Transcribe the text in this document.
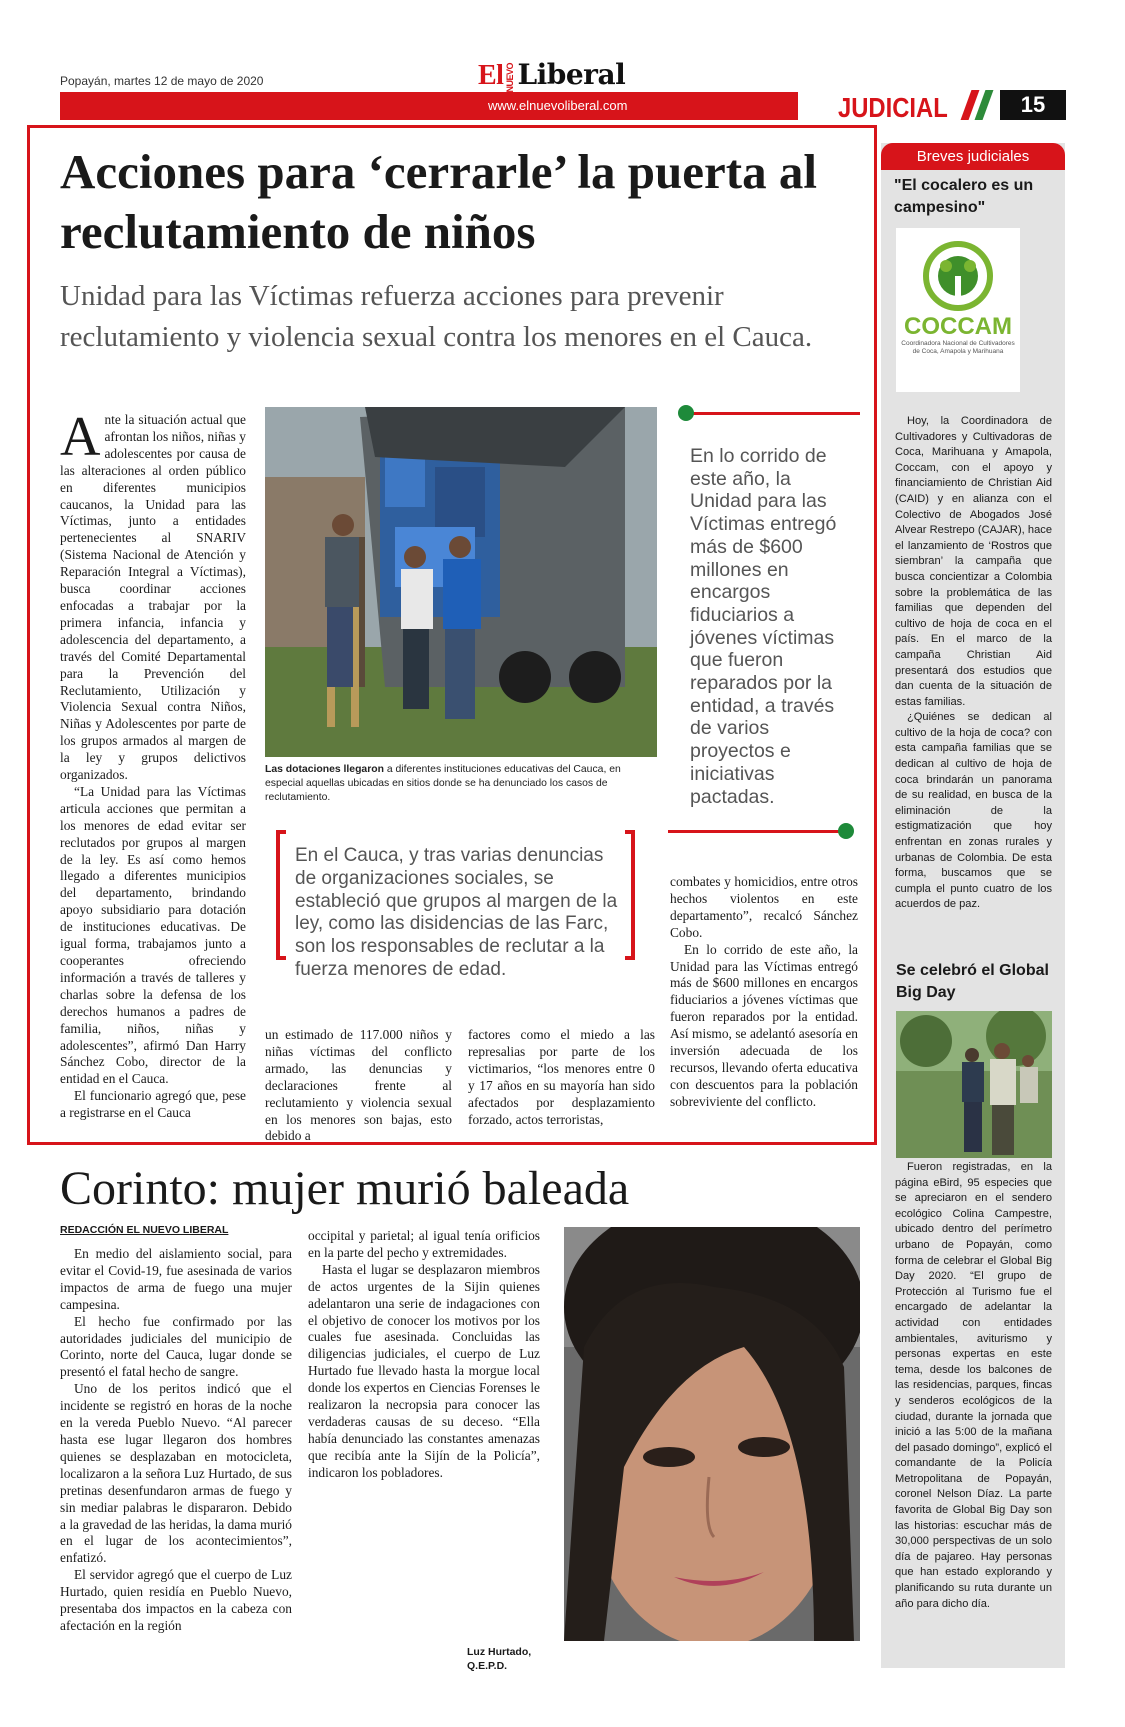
Popayán, martes 12 de mayo de 2020	El NUEVOLiberal
www.elnuevoliberal.com	JUDICIAL	15
Acciones para ‘cerrarle’ la puerta al reclutamiento de niños
Unidad para las Víctimas refuerza acciones para prevenir reclutamiento y violencia sexual contra los menores en el Cauca.

Ante la situación actual que afrontan los niños, niñas y adolescentes por causa de las alteraciones al orden público en diferentes municipios caucanos, la Unidad para las Víctimas, junto a entidades pertenecientes al SNARIV (Sistema Nacional de Atención y Reparación Integral a Víctimas), busca coordinar acciones enfocadas a trabajar por la primera infancia, infancia y adolescencia del departamento, a través del Comité Departamental para la Prevención del Reclutamiento, Utilización y Violencia Sexual contra Niños, Niñas y Adolescentes por parte de los grupos armados al margen de la ley y grupos delictivos organizados.

“La Unidad para las Víctimas articula acciones que permitan a los menores de edad evitar ser reclutados por grupos al margen de la ley. Es así como hemos llegado a diferentes municipios del departamento, brindando apoyo subsidiario para dotación de instituciones educativas. De igual forma, trabajamos junto a cooperantes ofreciendo información a través de talleres y charlas sobre la defensa de los derechos humanos a padres de familia, niños, niñas y adolescentes”, afirmó Dan Harry Sánchez Cobo, director de la entidad en el Cauca.

El funcionario agregó que, pese a registrarse en el Cauca

Las dotaciones llegaron a diferentes instituciones educativas del Cauca, en especial aquellas ubicadas en sitios donde se ha denunciado los casos de reclutamiento.
En lo corrido de este año, la Unidad para las Víctimas entregó más de $600 millones en encargos fiduciarios a jóvenes víctimas que fueron reparados por la entidad, a través de varios proyectos e iniciativas pactadas.
En el Cauca, y tras varias denuncias de organizaciones sociales, se estableció que grupos al margen de la ley, como las disidencias de las Farc, son los responsables de reclutar a la fuerza menores de edad.

un estimado de 117.000 niños y niñas víctimas del conflicto armado, las denuncias y declaraciones frente al reclutamiento y violencia sexual en los menores son bajas, esto debido a

factores como el miedo a las represalias por parte de los victimarios, “los menores entre 0 y 17 años en su mayoría han sido afectados por desplazamiento forzado, actos terroristas,

combates y homicidios, entre otros hechos violentos en este departamento”, recalcó Sánchez Cobo.

En lo corrido de este año, la Unidad para las Víctimas entregó más de $600 millones en encargos fiduciarios a jóvenes víctimas que fueron reparados por la entidad. Así mismo, se adelantó asesoría en inversión adecuada de los recursos, llevando oferta educativa con descuentos para la población sobreviviente del conflicto.

Breves judiciales
"El cocalero es un campesino"
COCCAM
Coordinadora Nacional de Cultivadores de Coca, Amapola y Marihuana

Hoy, la Coordinadora de Cultivadores y Cultivadoras de Coca, Marihuana y Amapola, Coccam, con el apoyo y financiamiento de Christian Aid (CAID) y en alianza con el Colectivo de Abogados José Alvear Restrepo (CAJAR), hace el lanzamiento de ‘Rostros que siembran’ la campaña que busca concientizar a Colombia sobre la problemática de las familias que dependen del cultivo de hoja de coca en el país. En el marco de la campaña Christian Aid presentará dos estudios que dan cuenta de la situación de estas familias.

¿Quiénes se dedican al cultivo de la hoja de coca? con esta campaña familias que se dedican al cultivo de hoja de coca brindarán un panorama de su realidad, en busca de la eliminación de la estigmatización que hoy enfrentan en zonas rurales y urbanas de Colombia. De esta forma, buscamos que se cumpla el punto cuatro de los acuerdos de paz.

Se celebró el Global Big Day

Fueron registradas, en la página eBird, 95 especies que se apreciaron en el sendero ecológico Colina Campestre, ubicado dentro del perímetro urbano de Popayán, como forma de celebrar el Global Big Day 2020. “El grupo de Protección al Turismo fue el encargado de adelantar la actividad con entidades ambientales, aviturismo y personas expertas en este tema, desde los balcones de las residencias, parques, fincas y senderos ecológicos de la ciudad, durante la jornada que inició a las 5:00 de la mañana del pasado domingo”, explicó el comandante de la Policía Metropolitana de Popayán, coronel Nelson Díaz. La parte favorita de Global Big Day son las historias: escuchar más de 30,000 perspectivas de un solo día de pajareo. Hay personas que han estado explorando y planificando su ruta durante un año para dicho día.

Corinto: mujer murió baleada
REDACCIÓN EL NUEVO LIBERAL

En medio del aislamiento social, para evitar el Covid-19, fue asesinada de varios impactos de arma de fuego una mujer campesina.

El hecho fue confirmado por las autoridades judiciales del municipio de Corinto, norte del Cauca, lugar donde se presentó el fatal hecho de sangre.

Uno de los peritos indicó que el incidente se registró en horas de la noche en la vereda Pueblo Nuevo. “Al parecer hasta ese lugar llegaron dos hombres quienes se desplazaban en motocicleta, localizaron a la señora Luz Hurtado, de sus pretinas desenfundaron armas de fuego y sin mediar palabras le dispararon. Debido a la gravedad de las heridas, la dama murió en el lugar de los acontecimientos”, enfatizó.

El servidor agregó que el cuerpo de Luz Hurtado, quien residía en Pueblo Nuevo, presentaba dos impactos en la cabeza con afectación en la región

occipital y parietal; al igual tenía orificios en la parte del pecho y extremidades.

Hasta el lugar se desplazaron miembros de actos urgentes de la Sijin quienes adelantaron una serie de indagaciones con el objetivo de conocer los motivos por los cuales fue asesinada. Concluidas las diligencias judiciales, el cuerpo de Luz Hurtado fue llevado hasta la morgue local donde los expertos en Ciencias Forenses le realizaron la necropsia para conocer las verdaderas causas de su deceso. “Ella había denunciado las constantes amenazas que recibía ante la Sijín de la Policía”, indicaron los pobladores.

Luz Hurtado, Q.E.P.D.
